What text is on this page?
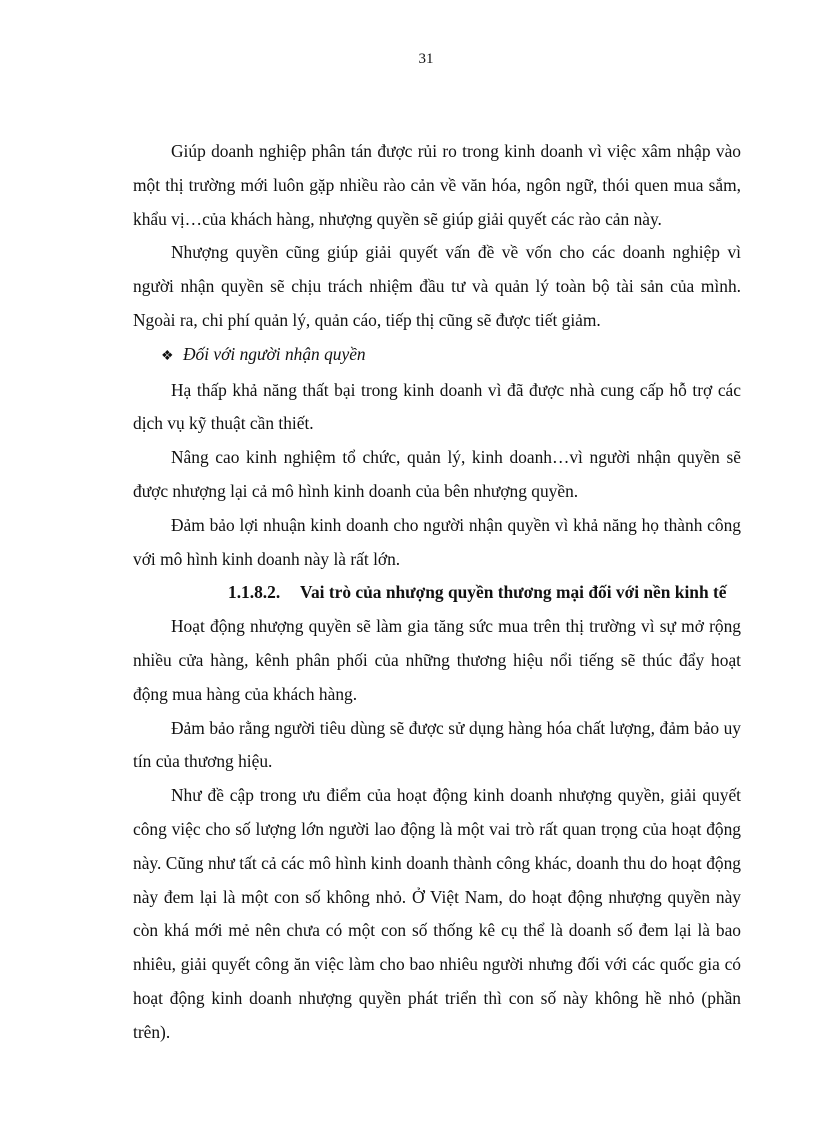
31

Giúp doanh nghiệp phân tán được rủi ro trong kinh doanh vì việc xâm nhập vào một thị trường mới luôn gặp nhiều rào cản về văn hóa, ngôn ngữ, thói quen mua sắm, khẩu vị…của khách hàng, nhượng quyền sẽ giúp giải quyết các rào cản này.

Nhượng quyền cũng giúp giải quyết vấn đề về vốn cho các doanh nghiệp vì người nhận quyền sẽ chịu trách nhiệm đầu tư và quản lý toàn bộ tài sản của mình. Ngoài ra, chi phí quản lý, quản cáo, tiếp thị cũng sẽ được tiết giảm.

❖ Đối với người nhận quyền

Hạ thấp khả năng thất bại trong kinh doanh vì đã được nhà cung cấp hỗ trợ các dịch vụ kỹ thuật cần thiết.

Nâng cao kinh nghiệm tổ chức, quản lý, kinh doanh…vì người nhận quyền sẽ được nhượng lại cả mô hình kinh doanh của bên nhượng quyền.

Đảm bảo lợi nhuận kinh doanh cho người nhận quyền vì khả năng họ thành công với mô hình kinh doanh này là rất lớn.

1.1.8.2. Vai trò của nhượng quyền thương mại đối với nền kinh tế

Hoạt động nhượng quyền sẽ làm gia tăng sức mua trên thị trường vì sự mở rộng nhiều cửa hàng, kênh phân phối của những thương hiệu nổi tiếng sẽ thúc đẩy hoạt động mua hàng của khách hàng.

Đảm bảo rằng người tiêu dùng sẽ được sử dụng hàng hóa chất lượng, đảm bảo uy tín của thương hiệu.

Như đề cập trong ưu điểm của hoạt động kinh doanh nhượng quyền, giải quyết công việc cho số lượng lớn người lao động là một vai trò rất quan trọng của hoạt động này. Cũng như tất cả các mô hình kinh doanh thành công khác, doanh thu do hoạt động này đem lại là một con số không nhỏ. Ở Việt Nam, do hoạt động nhượng quyền này còn khá mới mẻ nên chưa có một con số thống kê cụ thể là doanh số đem lại là bao nhiêu, giải quyết công ăn việc làm cho bao nhiêu người nhưng đối với các quốc gia có hoạt động kinh doanh nhượng quyền phát triển thì con số này không hề nhỏ (phần trên).
